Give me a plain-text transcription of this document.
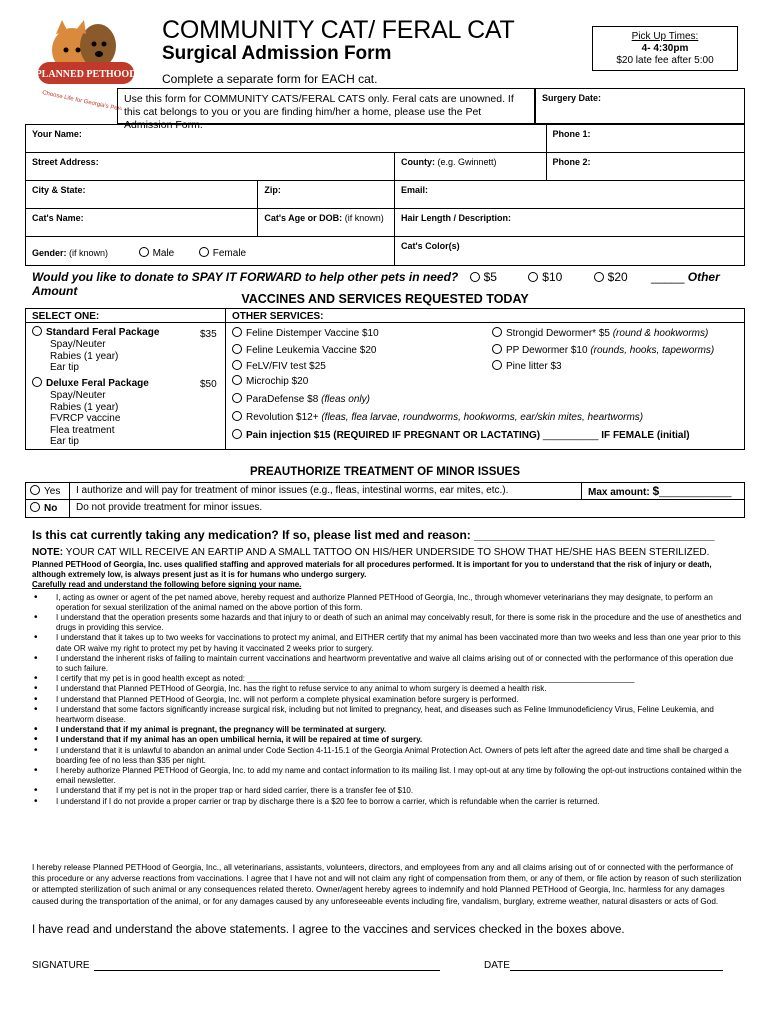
PLANNED PETHOOD
Choose Life for Georgia's Pets
COMMUNITY CAT/ FERAL CAT
Surgical Admission Form
Complete a separate form for EACH cat.
Pick Up Times:
4- 4:30pm
$20 late fee after 5:00
Use this form for COMMUNITY CATS/FERAL CATS only. Feral cats are unowned. If this cat belongs to you or you are finding him/her a home, please use the Pet Admission Form.
Surgery Date:
Your Name:	Phone 1:
Street Address:	County: (e.g. Gwinnett)	Phone 2:
City & State:	Zip:	Email:
Cat's Name:	Cat's Age or DOB: (if known)	Hair Length / Description:
Gender: (if known)	Male	Female
Cat's Color(s)
Would you like to donate to SPAY IT FORWARD to help other pets in need? $5	$10	$20 _____ Other Amount
VACCINES AND SERVICES REQUESTED TODAY
SELECT ONE:
Standard Feral Package	$35
Spay/Neuter
Rabies (1 year)
Ear tip
Deluxe Feral Package	$50
Spay/Neuter
Rabies (1 year)
FVRCP vaccine
Flea treatment
Ear tip
OTHER SERVICES:
Feline Distemper Vaccine $10
Feline Leukemia Vaccine $20
FeLV/FIV test $25
Microchip $20
ParaDefense $8 (fleas only)
Revolution $12+ (fleas, flea larvae, roundworms, hookworms, ear/skin mites, heartworms)
Pain injection $15 (REQUIRED IF PREGNANT OR LACTATING) __________ IF FEMALE (initial)
Strongid Dewormer* $5 (round & hookworms)
PP Dewormer $10 (rounds, hooks, tapeworms)
Pine litter $3
PREAUTHORIZE TREATMENT OF MINOR ISSUES
Yes	I authorize and will pay for treatment of minor issues (e.g., fleas, intestinal worms, ear mites, etc.).	Max amount: $_____________
No	Do not provide treatment for minor issues.
Is this cat currently taking any medication? If so, please list med and reason: ____________________________________
NOTE: YOUR CAT WILL RECEIVE AN EARTIP AND A SMALL TATTOO ON HIS/HER UNDERSIDE TO SHOW THAT HE/SHE HAS BEEN STERILIZED.

Planned PETHood of Georgia, Inc. uses qualified staffing and approved materials for all procedures performed. It is important for you to understand that the risk of injury or death, although extremely low, is always present just as it is for humans who undergo surgery.

Carefully read and understand the following before signing your name.

• I, acting as owner or agent of the pet named above, hereby request and authorize Planned PETHood of Georgia, Inc., through whomever veterinarians they may designate, to perform an operation for sexual sterilization of the animal named on the above portion of this form.
• I understand that the operation presents some hazards and that injury to or death of such an animal may conceivably result, for there is some risk in the procedure and the use of anesthetics and drugs in providing this service.
• I understand that it takes up to two weeks for vaccinations to protect my animal, and EITHER certify that my animal has been vaccinated more than two weeks and less than one year prior to this date OR waive my right to protect my pet by having it vaccinated 2 weeks prior to surgery.
• I understand the inherent risks of failing to maintain current vaccinations and heartworm preventative and waive all claims arising out of or connected with the performance of this operation due to such failure.
• I certify that my pet is in good health except as noted: _______________________________________________________________________________________
• I understand that Planned PETHood of Georgia, Inc. has the right to refuse service to any animal to whom surgery is deemed a health risk.
• I understand that Planned PETHood of Georgia, Inc. will not perform a complete physical examination before surgery is performed.
• I understand that some factors significantly increase surgical risk, including but not limited to pregnancy, heat, and diseases such as Feline Immunodeficiency Virus, Feline Leukemia, and heartworm disease.
• I understand that if my animal is pregnant, the pregnancy will be terminated at surgery.
• I understand that if my animal has an open umbilical hernia, it will be repaired at time of surgery.
• I understand that it is unlawful to abandon an animal under Code Section 4-11-15.1 of the Georgia Animal Protection Act. Owners of pets left after the agreed date and time shall be charged a boarding fee of no less than $35 per night.
• I hereby authorize Planned PETHood of Georgia, Inc. to add my name and contact information to its mailing list. I may opt-out at any time by following the opt-out instructions contained within the email newsletter.
• I understand that if my pet is not in the proper trap or hard sided carrier, there is a transfer fee of $10.
• I understand if I do not provide a proper carrier or trap by discharge there is a $20 fee to borrow a carrier, which is refundable when the carrier is returned.
I hereby release Planned PETHood of Georgia, Inc., all veterinarians, assistants, volunteers, directors, and employees from any and all claims arising out of or connected with the performance of this procedure or any adverse reactions from vaccinations. I agree that I have not and will not claim any right of compensation from them, or any of them, or file action by reason of such sterilization or attempted sterilization of such animal or any consequences related thereto. Owner/agent hereby agrees to indemnify and hold Planned PETHood of Georgia, Inc. harmless for any damages caused during the transportation of the animal, or for any damages caused by any unforeseeable events including fire, vandalism, burglary, extreme weather, natural disasters or acts of God.
I have read and understand the above statements. I agree to the vaccines and services checked in the boxes above.
SIGNATURE	DATE
